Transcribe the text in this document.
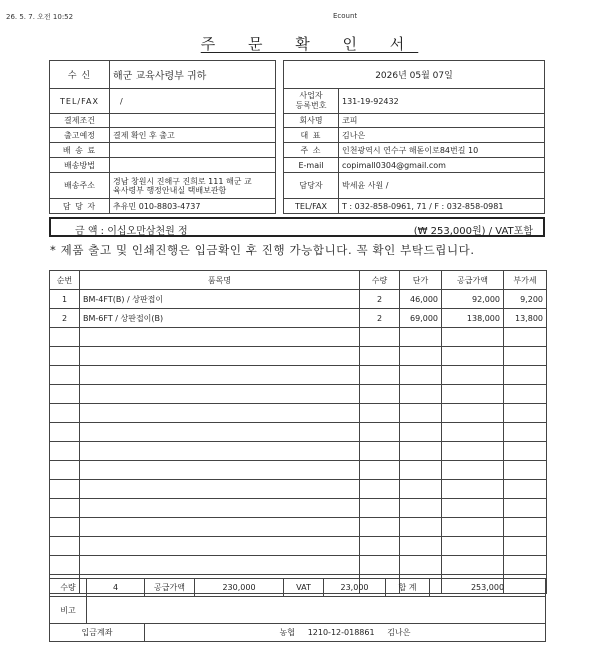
26. 5. 7. 오전 10:52	Ecount
주 문 확 인 서
수 신	해군 교육사령부 귀하
TEL/FAX	/
결제조건	
출고예정	결제 확인 후 출고
배 송 료	
배송방법	
배송주소	경남 창원시 진해구 진희로 111 해군 교
육사령부 행정안내실 택배보관함

담 당 자	추유민 010-8803-4737
2026년 05월 07일	

사업자
등록번호	131-19-92432
회사명	코피
대 표	김나은
주 소	인천광역시 연수구 해돋이로84번길 10
E-mail	copimall0304@gmail.com
담당자	박세윤 사원 /
TEL/FAX	T : 032-858-0961, 71 / F : 032-858-0981
금 액 : 이십오만삼천원 정	(₩ 253,000원) / VAT포함
* 제품 출고 및 인쇄진행은 입금확인 후 진행 가능합니다. 꼭 확인 부탁드립니다.
순번	품목명	수량	단가	공급가액	부가세
1	BM-4FT(B) / 상판접이	2	46,000	92,000	9,200
2	BM-6FT / 상판접이(B)	2	69,000	138,000	13,800

수량	4	공급가액	230,000	VAT	23,000	합 계	253,000
비고							
입금계좌		농협     1210-12-018861     김나은					
